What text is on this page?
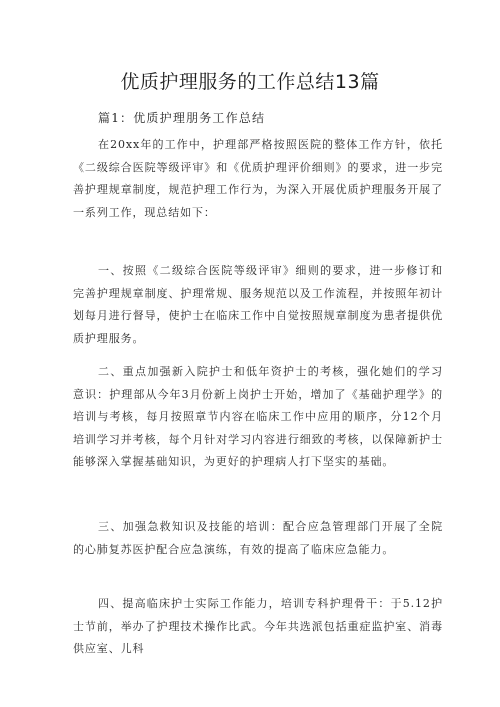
优质护理服务的工作总结13篇
篇1：优质护理朋务工作总结

在20xx年的工作中，护理部严格按照医院的整体工作方针，依托《二级综合医院等级评审》和《优质护理评价细则》的要求，进一步完善护理规章制度，规范护理工作行为，为深入开展优质护理服务开展了一系列工作，现总结如下：

一、按照《二级综合医院等级评审》细则的要求，进一步修订和完善护理规章制度、护理常规、服务规范以及工作流程，并按照年初计划每月进行督导，使护士在临床工作中自觉按照规章制度为患者提供优质护理服务。

二、重点加强新入院护士和低年资护士的考核，强化她们的学习意识：护理部从今年3月份新上岗护士开始，增加了《基础护理学》的培训与考核，每月按照章节内容在临床工作中应用的顺序，分12个月培训学习并考核，每个月针对学习内容进行细致的考核，以保障新护士能够深入掌握基础知识，为更好的护理病人打下坚实的基础。

三、加强急救知识及技能的培训：配合应急管理部门开展了全院的心肺复苏医护配合应急演练，有效的提高了临床应急能力。

四、提高临床护士实际工作能力，培训专科护理骨干：于5.12护士节前，举办了护理技术操作比武。今年共选派包括重症监护室、消毒供应室、儿科
